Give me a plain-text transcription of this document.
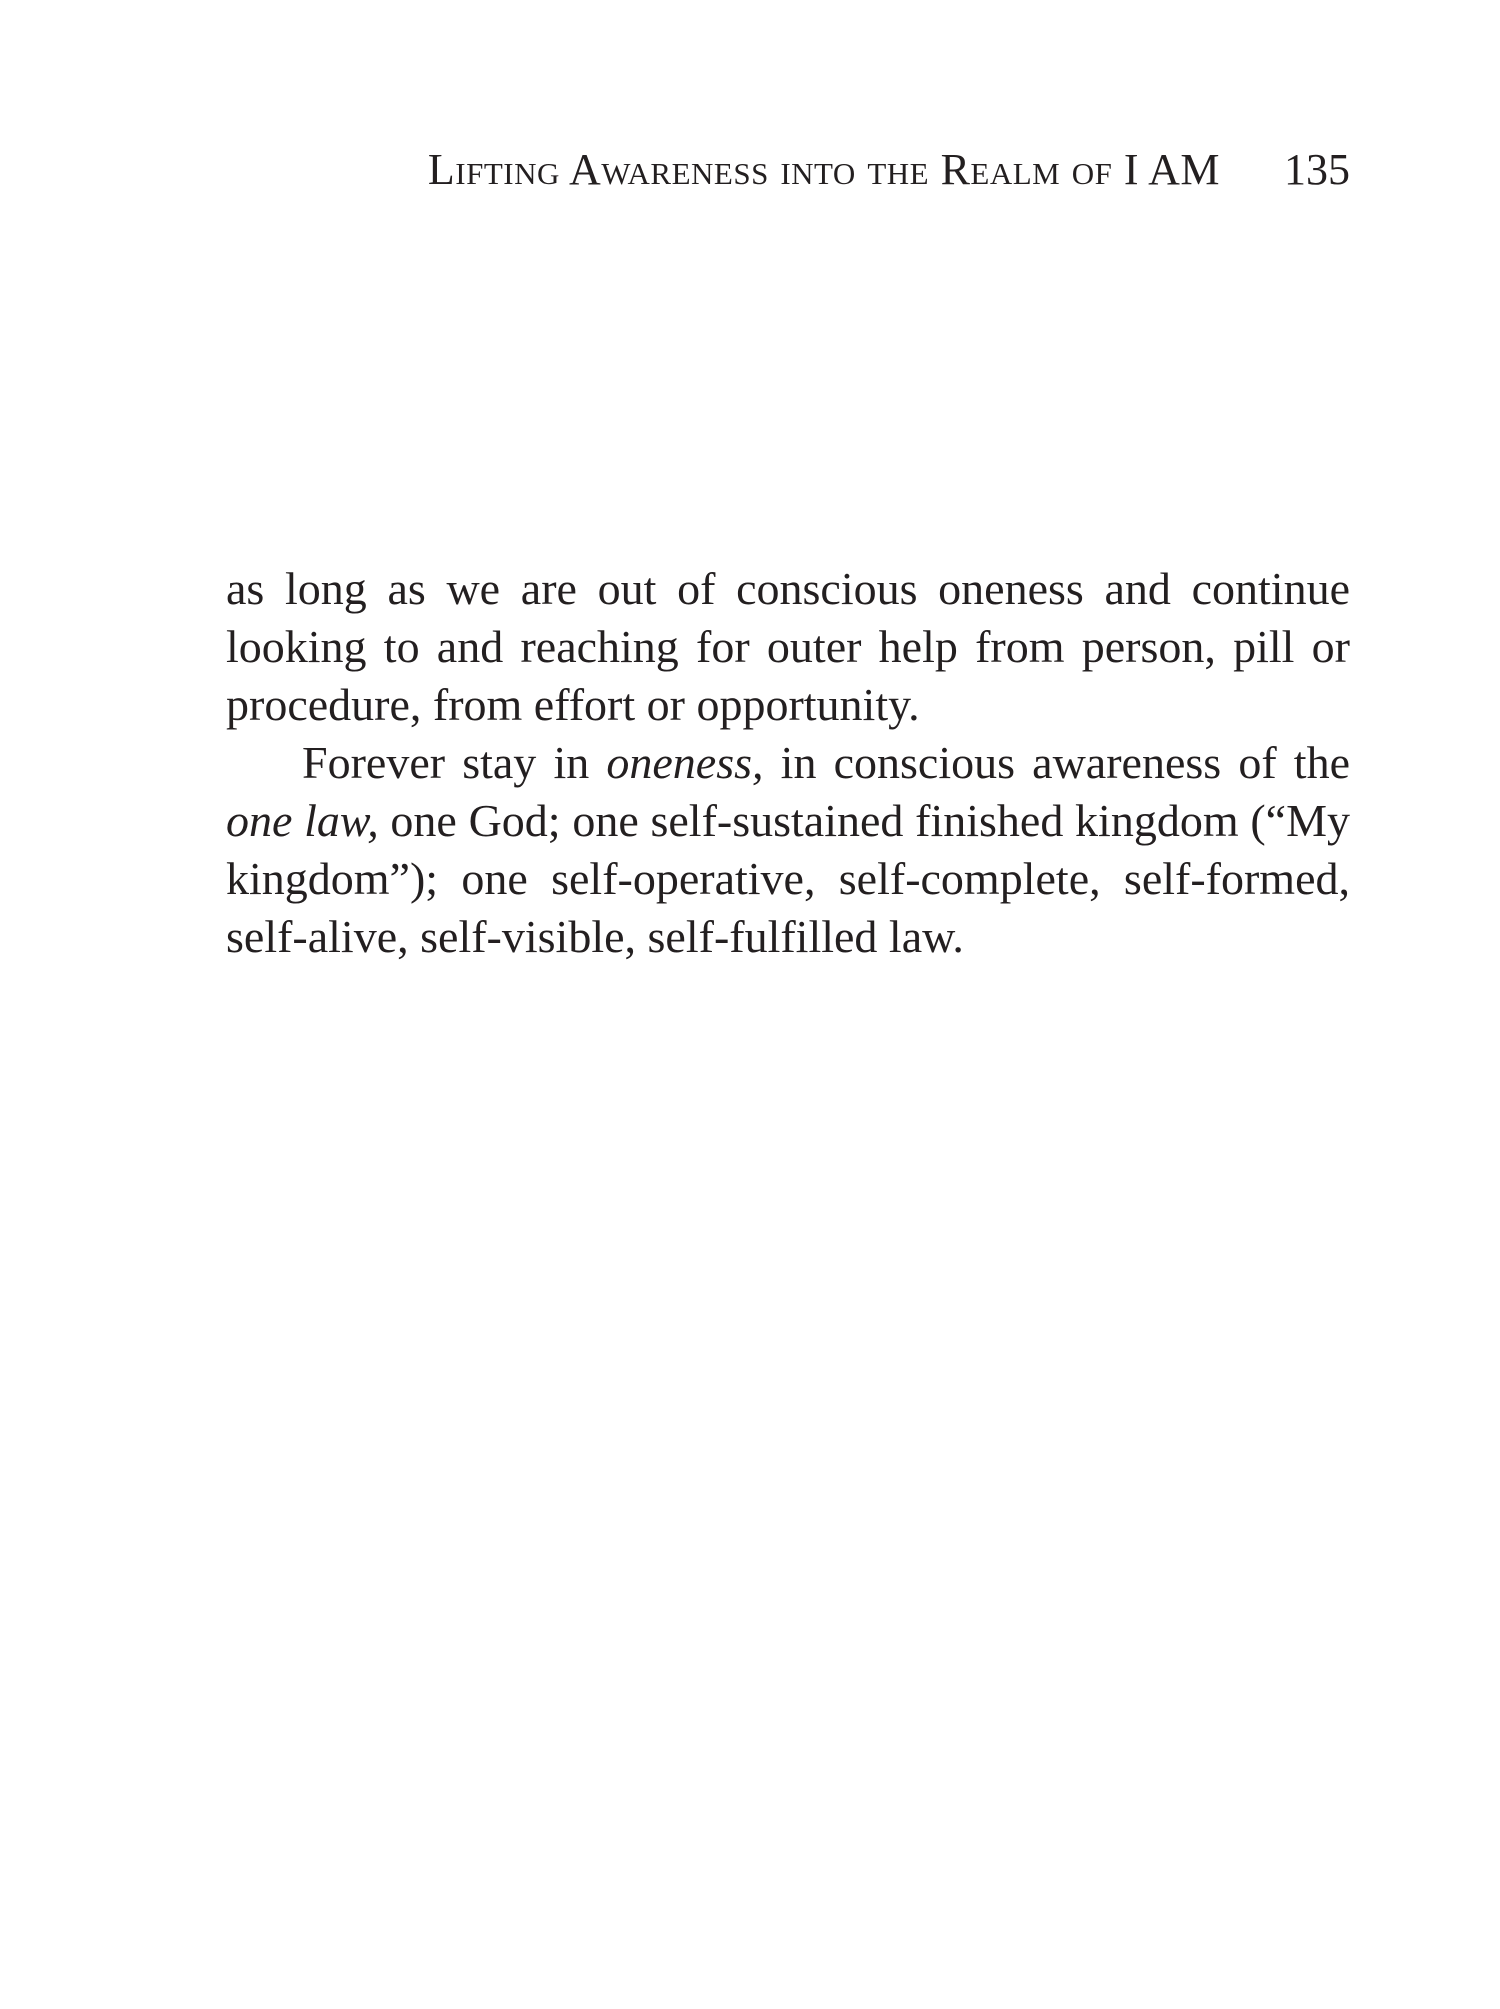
Lifting Awareness into the Realm of I AM 135

as long as we are out of conscious oneness and continue looking to and reaching for outer help from person, pill or procedure, from effort or opportunity.

Forever stay in oneness, in conscious awareness of the one law, one God; one self-sustained finished kingdom (“My kingdom”); one self-operative, self-complete, self-formed, self-alive, self-visible, self-fulfilled law.
